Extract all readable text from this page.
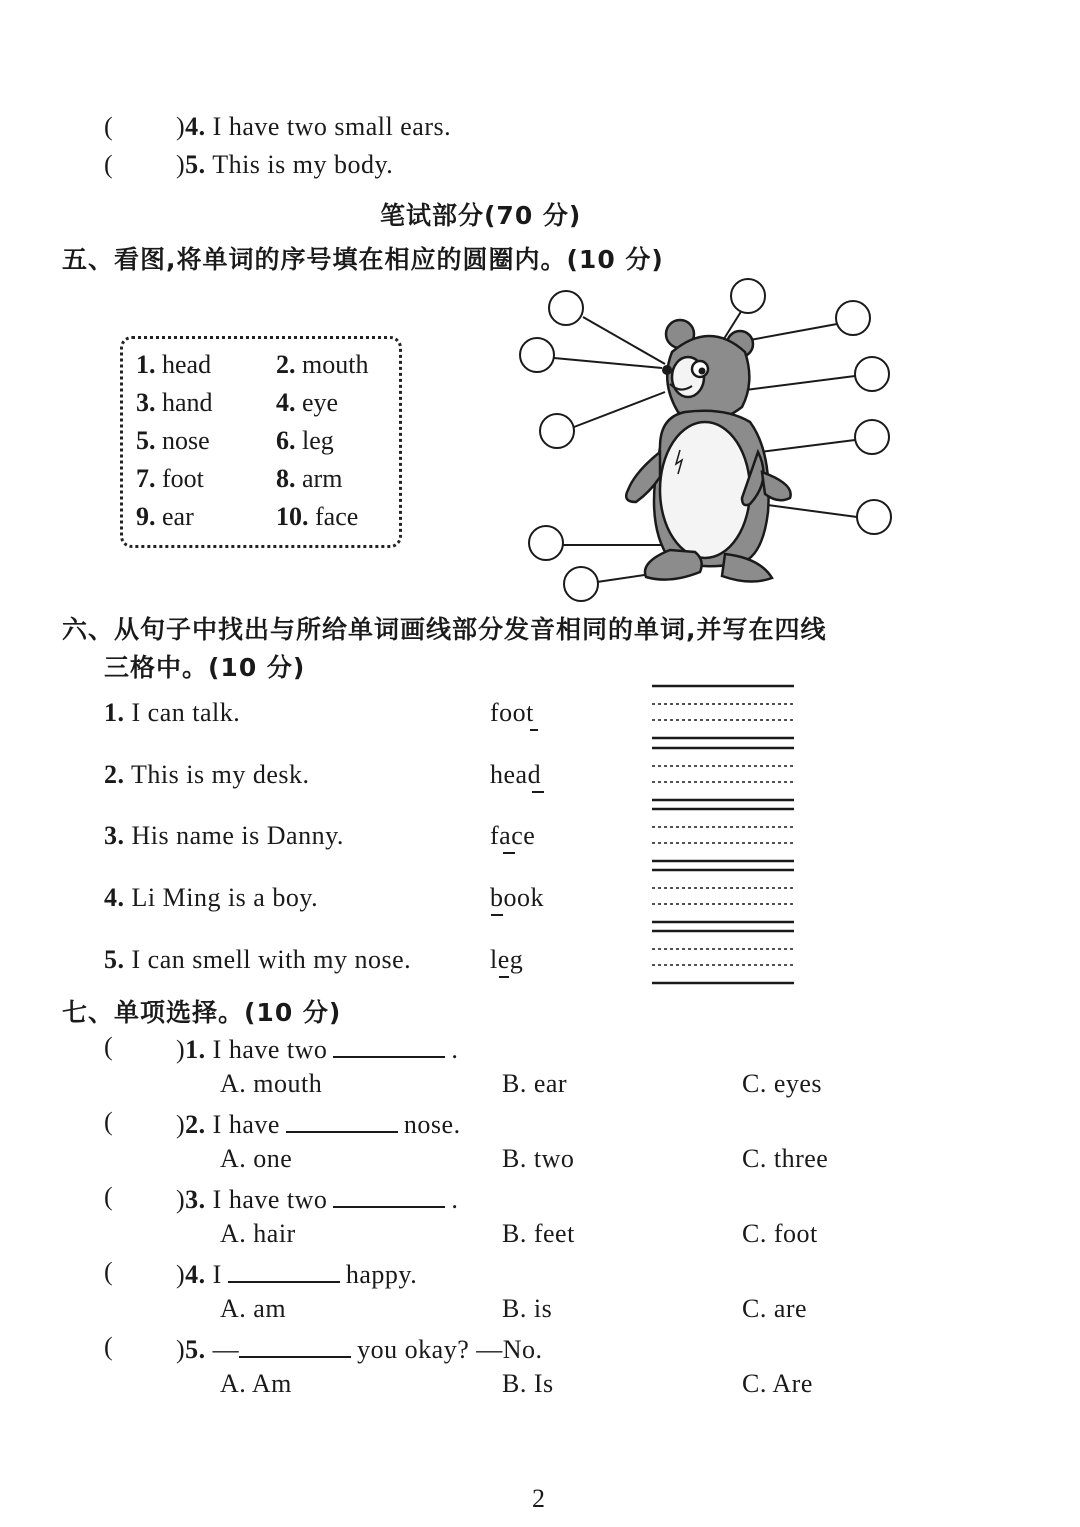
( )4. I have two small ears.
( )5. This is my body.
笔试部分(70 分)
五、看图,将单词的序号填在相应的圆圈内。(10 分)
1. head 2. mouth
3. hand 4. eye
5. nose	6. leg
7. foot	8. arm
9. ear	10. face
六、从句子中找出与所给单词画线部分发音相同的单词,并写在四线
三格中。(10 分)
1. I can talk.	foot
2. This is my desk.	head
3. His name is Danny.	face
4. Li Ming is a boy.	book
5. I can smell with my nose.	leg
七、单项选择。(10 分)
( )1. I have two	.
A. mouth	B. ear	C. eyes
( )2. I have	nose.
A. one	B. two	C. three
( )3. I have two	.
A. hair	B. feet	C. foot
( )4. I	happy.
A. am	B. is	C. are
( )5. —	you okay? —No.
A. Am	B. Is	C. Are
2
